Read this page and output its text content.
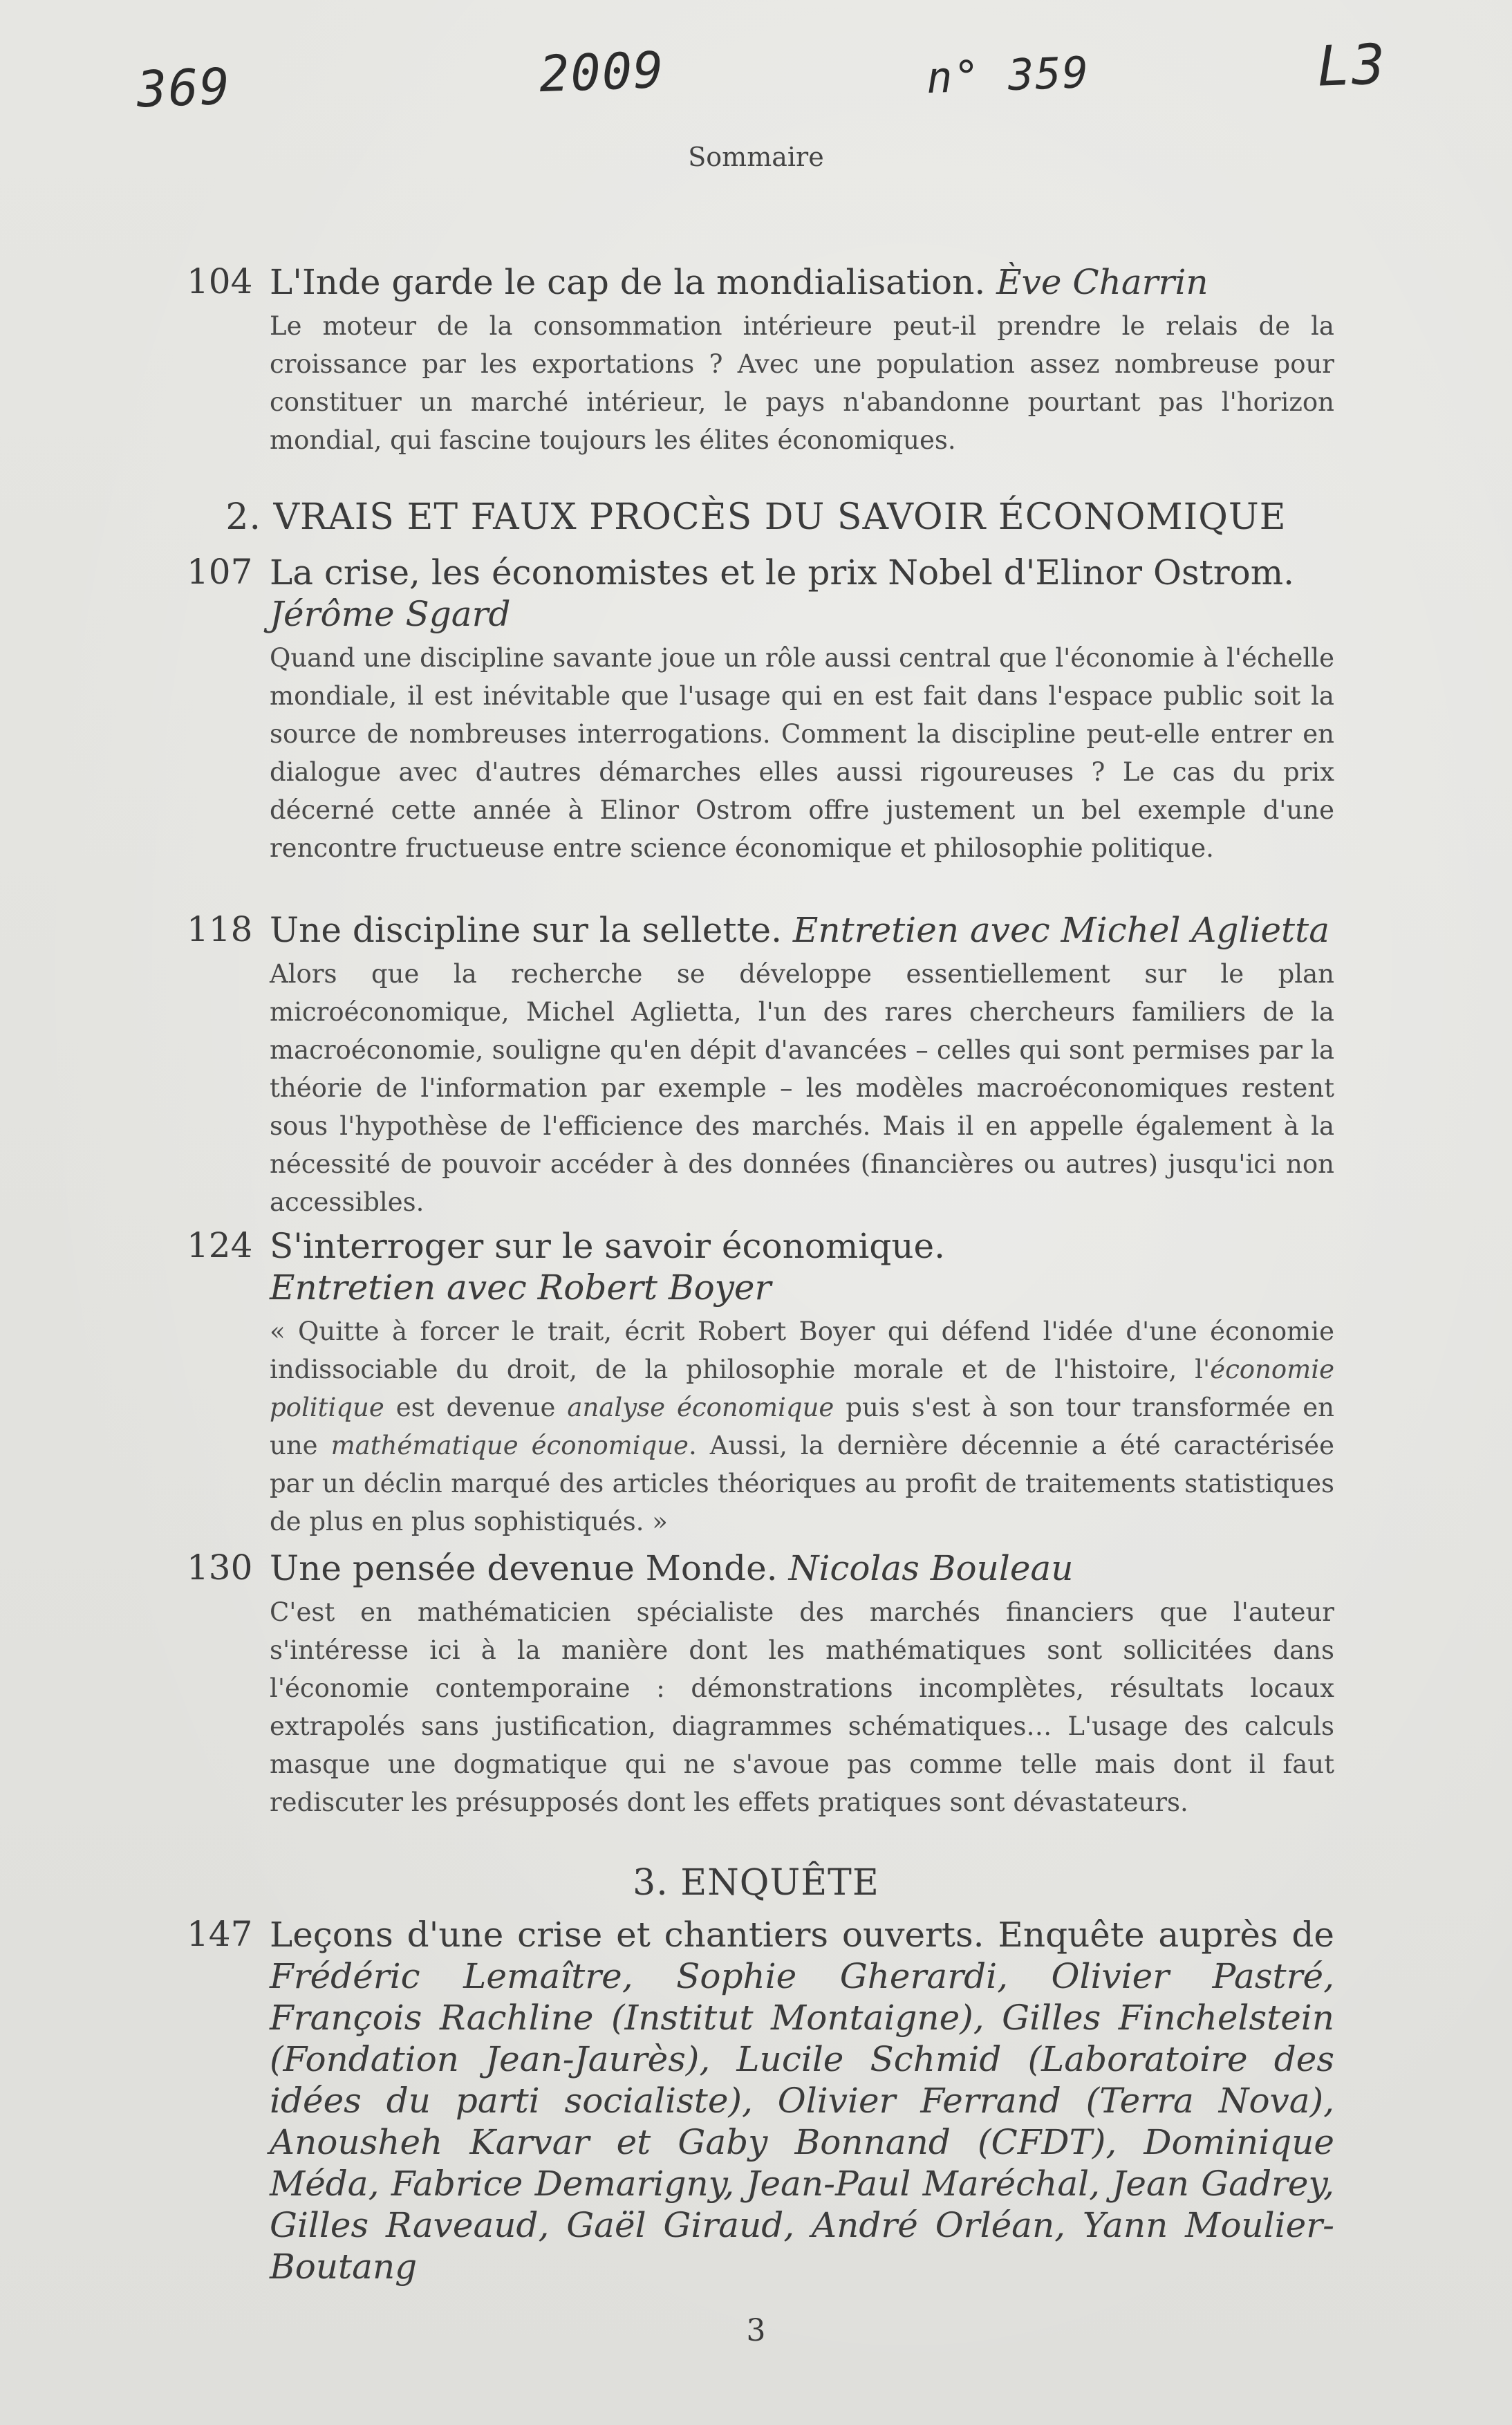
369	2009	n° 359	L3
Sommaire
104 L'Inde garde le cap de la mondialisation. Ève Charrin
Le moteur de la consommation intérieure peut-il prendre le relais de la croissance par les exportations ? Avec une population assez nombreuse pour constituer un marché intérieur, le pays n'abandonne pourtant pas l'horizon mondial, qui fascine toujours les élites économiques.
2. VRAIS ET FAUX PROCÈS DU SAVOIR ÉCONOMIQUE
107 La crise, les économistes et le prix Nobel d'Elinor Ostrom.
Jérôme Sgard
Quand une discipline savante joue un rôle aussi central que l'économie à l'échelle mondiale, il est inévitable que l'usage qui en est fait dans l'espace public soit la source de nombreuses interrogations. Comment la discipline peut-elle entrer en dialogue avec d'autres démarches elles aussi rigoureuses ? Le cas du prix décerné cette année à Elinor Ostrom offre justement un bel exemple d'une rencontre fructueuse entre science économique et philosophie politique.
118 Une discipline sur la sellette. Entretien avec Michel Aglietta
Alors que la recherche se développe essentiellement sur le plan microéconomique, Michel Aglietta, l'un des rares chercheurs familiers de la macroéconomie, souligne qu'en dépit d'avancées – celles qui sont permises par la théorie de l'information par exemple – les modèles macroéconomiques restent sous l'hypothèse de l'efficience des marchés. Mais il en appelle également à la nécessité de pouvoir accéder à des données (financières ou autres) jusqu'ici non accessibles.
124 S'interroger sur le savoir économique.
Entretien avec Robert Boyer
« Quitte à forcer le trait, écrit Robert Boyer qui défend l'idée d'une économie indissociable du droit, de la philosophie morale et de l'histoire, l'économie politique est devenue analyse économique puis s'est à son tour transformée en une mathématique économique. Aussi, la dernière décennie a été caractérisée par un déclin marqué des articles théoriques au profit de traitements statistiques de plus en plus sophistiqués. »
130 Une pensée devenue Monde. Nicolas Bouleau
C'est en mathématicien spécialiste des marchés financiers que l'auteur s'intéresse ici à la manière dont les mathématiques sont sollicitées dans l'économie contemporaine : démonstrations incomplètes, résultats locaux extrapolés sans justification, diagrammes schématiques… L'usage des calculs masque une dogmatique qui ne s'avoue pas comme telle mais dont il faut rediscuter les présupposés dont les effets pratiques sont dévastateurs.
3. ENQUÊTE
147 Leçons d'une crise et chantiers ouverts. Enquête auprès de Frédéric Lemaître, Sophie Gherardi, Olivier Pastré, François Rachline (Institut Montaigne), Gilles Finchelstein (Fondation Jean-Jaurès), Lucile Schmid (Laboratoire des idées du parti socialiste), Olivier Ferrand (Terra Nova), Anousheh Karvar et Gaby Bonnand (CFDT), Dominique Méda, Fabrice Demarigny, Jean-Paul Maréchal, Jean Gadrey, Gilles Raveaud, Gaël Giraud, André Orléan, Yann Moulier-Boutang
3
